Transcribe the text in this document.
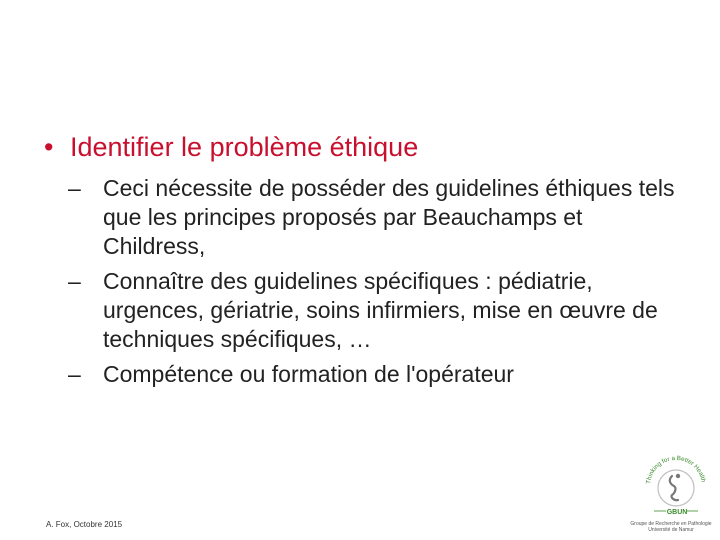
• Identifier le problème éthique
– Ceci nécessite de posséder des guidelines éthiques tels que les principes proposés par Beauchamps et Childress,
– Connaître des guidelines spécifiques : pédiatrie, urgences, gériatrie, soins infirmiers, mise en œuvre de techniques spécifiques, …
– Compétence ou formation de l'opérateur
A. Fox, Octobre 2015
Thinking for a Better Health
GBUN
Groupe de Recherche en Pathologie
Université de Namur
